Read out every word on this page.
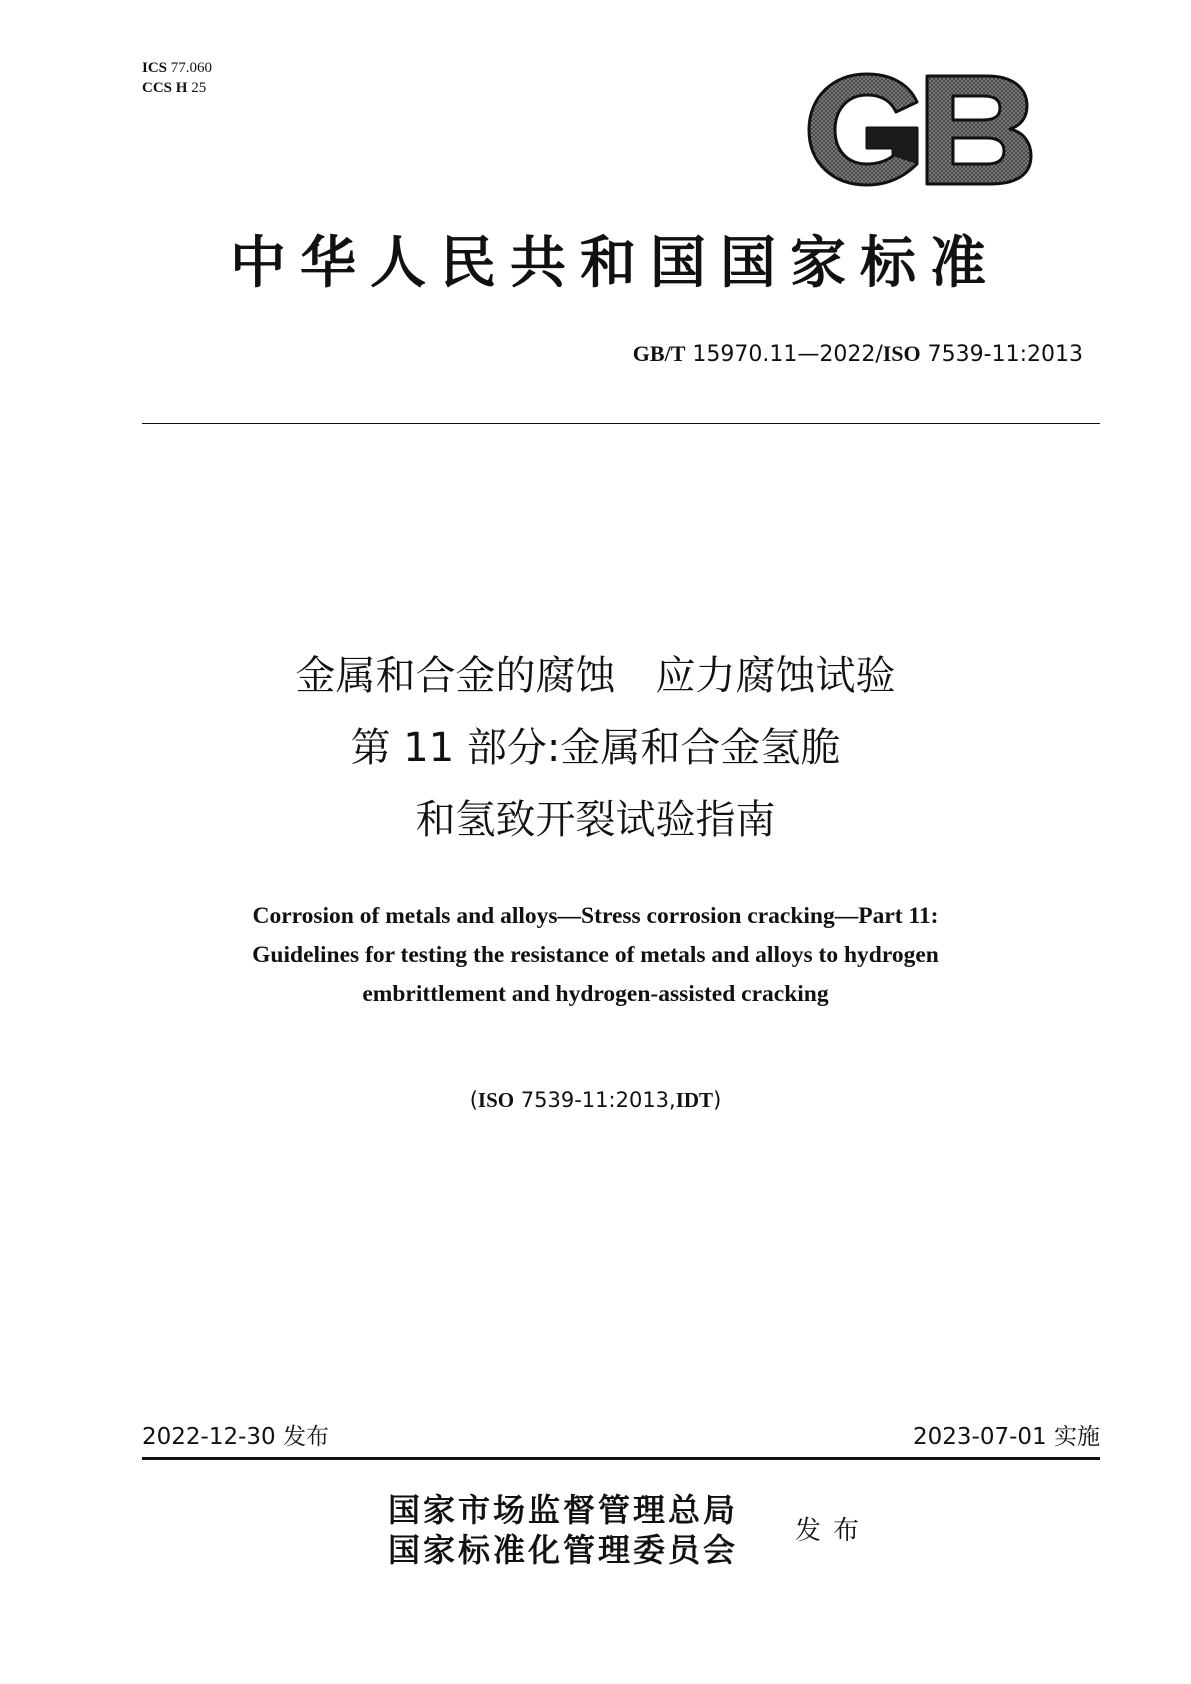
ICS 77.060
CCS H 25
GB
中华人民共和国国家标准
GB/T 15970.11—2022/ISO 7539-11:2013
金属和合金的腐蚀 应力腐蚀试验
第 11 部分:金属和合金氢脆
和氢致开裂试验指南
Corrosion of metals and alloys—Stress corrosion cracking—Part 11:
Guidelines for testing the resistance of metals and alloys to hydrogen
embrittlement and hydrogen-assisted cracking
(ISO 7539-11:2013,IDT)
2022-12-30 发布	2023-07-01 实施
国家市场监督管理总局
国家标准化管理委员会 发布
